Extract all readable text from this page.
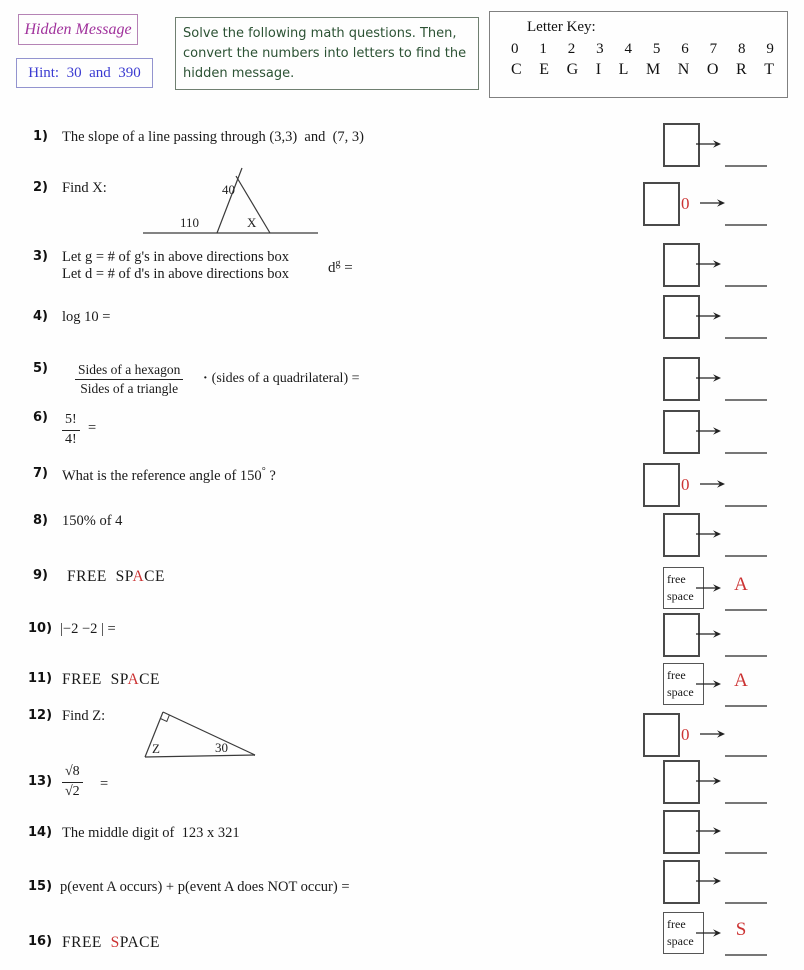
Hidden Message
Hint:  30  and  390
Solve the following math questions. Then, convert the numbers into letters to find the hidden message.
Letter Key:
0 1 2 3 4 5 6 7 8 9
C E G I L M N O R T
1) The slope of a line passing through (3,3)  and  (7, 3)
2) Find X:	40
110	X
3) Let g = # of g's in above directions box
Let d = # of d's in above directions box	$d^g$ =
4) log 10 =
5) Sides of a hexagon
Sides of a triangle
· (sides of a quadrilateral) =
$6) \frac{5!}{4!}$ =
7) What is the reference angle of 150° ?
8) 150% of 4
9) FREE  SPACE
10) |−2 −2 | =
11) FREE  SPACE
12) Find Z:
Z	30
$13) \frac{√8}{√2}$ =
14) The middle digit of  123 x 321
15) p(event A occurs) + p(event A does NOT occur) =
16) FREE  SPACE
0
0
free
space
A
free
space
A
0
free
space
S
